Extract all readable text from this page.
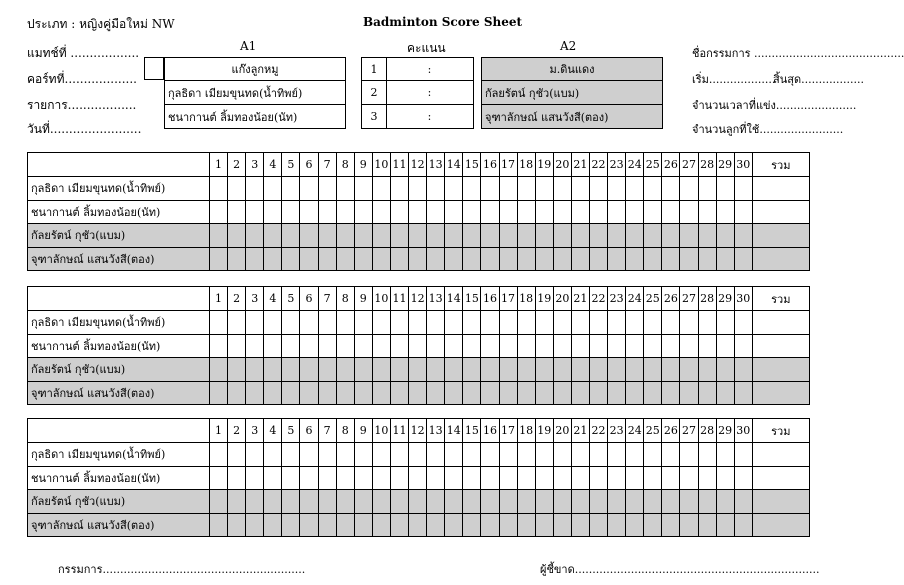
ประเภท : หญิงคู่มือใหม่ NW	Badminton Score Sheet
แมทช์ที่ ..................
คอร์ทที่...................
รายการ..................
วันที่........................
A1	คะแนน	A2
ชื่อกรรมการ ...........................................
เริ่ม...................
สิ้นสุด..................
จำนวนเวลาที่แข่ง.......................
จำนวนลูกที่ใช้........................
แก๊งลูกหมู
กุลธิดา เมียมขุนทด(น้ำทิพย์)
ชนากานต์ ลิ้มทองน้อย(นัท)
1	:
2	:
3	:
ม.ดินแดง
กัลยรัตน์ กุชัว(แบม)
จุฑาลักษณ์ แสนวังสี(ตอง)
	1	2	3	4	5	6	7	8	9	10	11	12	13	14	15	16	17	18	19	20	21	22	23	24	25	26	27	28	29	30	รวม
กุลธิดา เมียมขุนทด(น้ำทิพย์)																															
ชนากานต์ ลิ้มทองน้อย(นัท)																															
กัลยรัตน์ กุชัว(แบม)																															
จุฑาลักษณ์ แสนวังสี(ตอง)																															
	1	2	3	4	5	6	7	8	9	10	11	12	13	14	15	16	17	18	19	20	21	22	23	24	25	26	27	28	29	30	รวม
กุลธิดา เมียมขุนทด(น้ำทิพย์)																															
ชนากานต์ ลิ้มทองน้อย(นัท)																															
กัลยรัตน์ กุชัว(แบม)																															
จุฑาลักษณ์ แสนวังสี(ตอง)																															
	1	2	3	4	5	6	7	8	9	10	11	12	13	14	15	16	17	18	19	20	21	22	23	24	25	26	27	28	29	30	รวม
กุลธิดา เมียมขุนทด(น้ำทิพย์)																															
ชนากานต์ ลิ้มทองน้อย(นัท)																															
กัลยรัตน์ กุชัว(แบม)																															
จุฑาลักษณ์ แสนวังสี(ตอง)																															
กรรมการ..........................................................	ผู้ชี้ขาด......................................................................
